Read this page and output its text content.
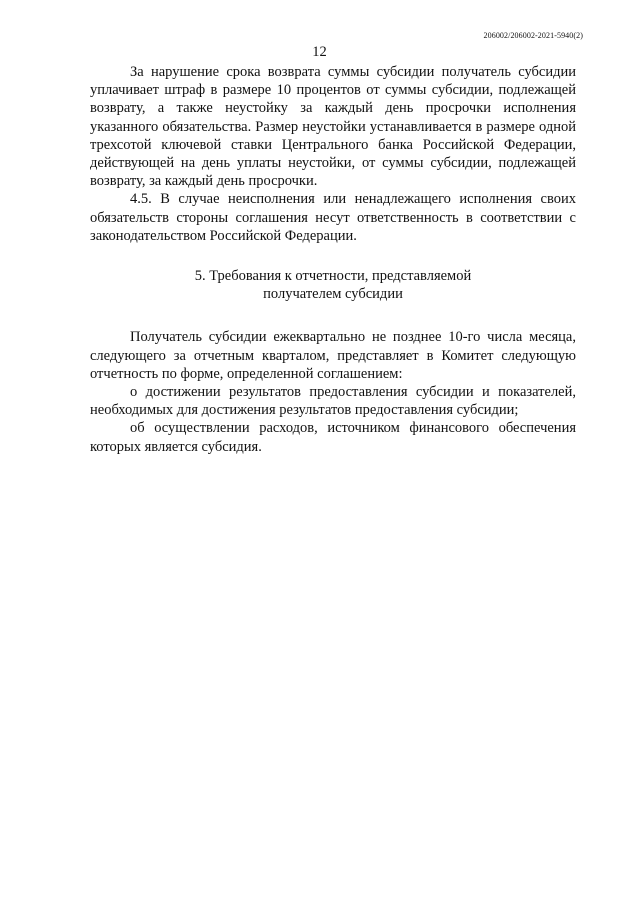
206002/206002-2021-5940(2)
12

За нарушение срока возврата суммы субсидии получатель субсидии уплачивает штраф в размере 10 процентов от суммы субсидии, подлежащей возврату, а также неустойку за каждый день просрочки исполнения указанного обязательства. Размер неустойки устанавливается в размере одной трехсотой ключевой ставки Центрального банка Российской Федерации, действующей на день уплаты неустойки, от суммы субсидии, подлежащей возврату, за каждый день просрочки.

4.5. В случае неисполнения или ненадлежащего исполнения своих обязательств стороны соглашения несут ответственность в соответствии с законодательством Российской Федерации.

5. Требования к отчетности, представляемой
получателем субсидии

Получатель субсидии ежеквартально не позднее 10-го числа месяца, следующего за отчетным кварталом, представляет в Комитет следующую отчетность по форме, определенной соглашением:

о достижении результатов предоставления субсидии и показателей, необходимых для достижения результатов предоставления субсидии;

об осуществлении расходов, источником финансового обеспечения которых является субсидия.
